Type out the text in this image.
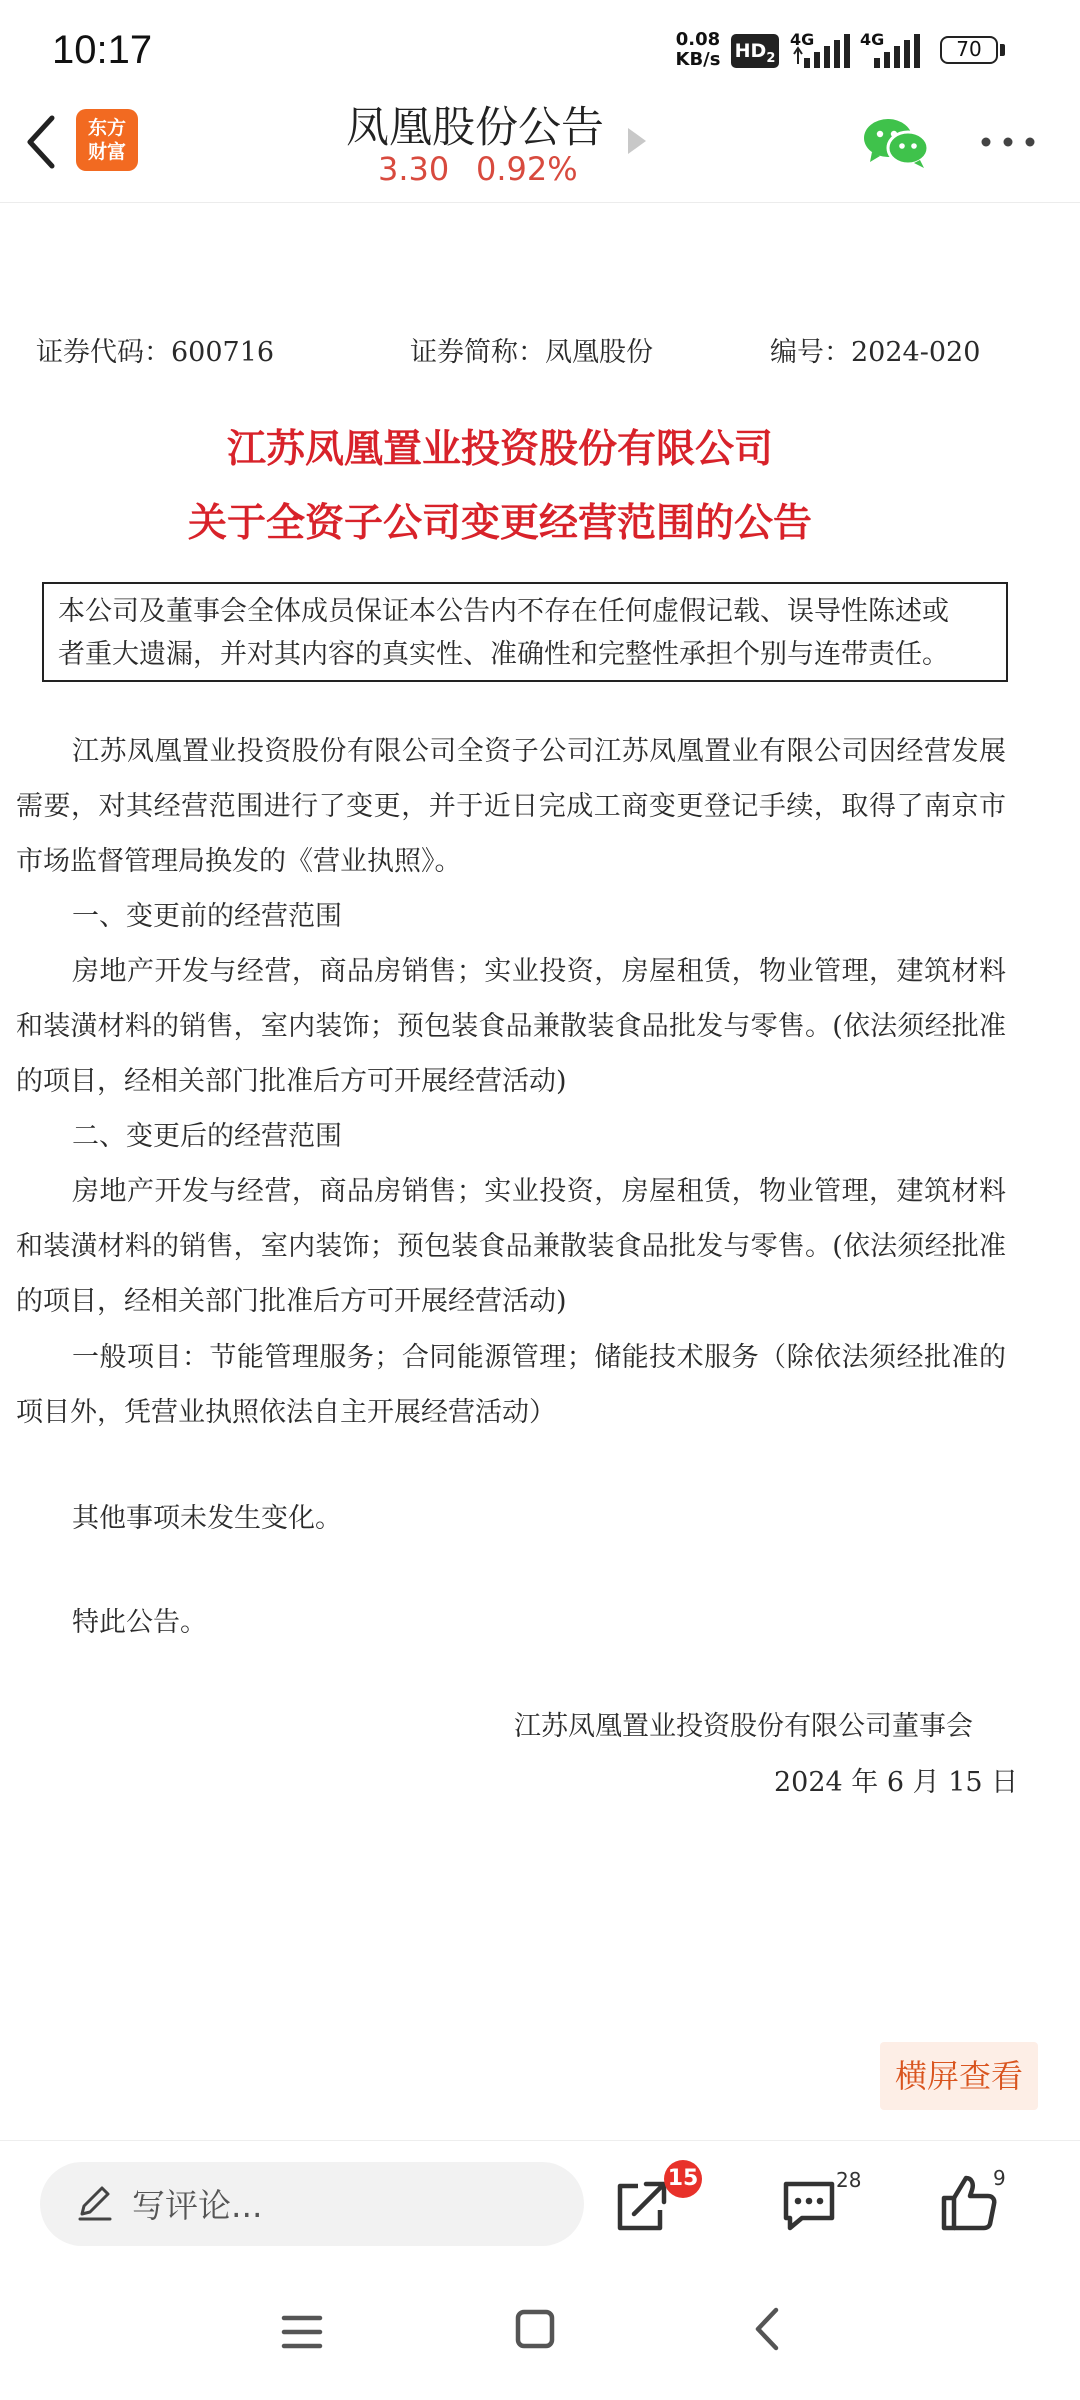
10:17	0.08
KB/s $HD_2$
4G	4G	70
东方
财富	凤凰股份公告
3.30 0.92%
证券代码：600716	证券简称：凤凰股份	编号：2024-020
江苏凤凰置业投资股份有限公司
关于全资子公司变更经营范围的公告
本公司及董事会全体成员保证本公告内不存在任何虚假记载、误导性陈述或
者重大遗漏，并对其内容的真实性、准确性和完整性承担个别与连带责任。
江苏凤凰置业投资股份有限公司全资子公司江苏凤凰置业有限公司因经营发展需要，对其经营范围进行了变更，并于近日完成工商变更登记手续，取得了南京市市场监督管理局换发的《营业执照》。
一、变更前的经营范围
房地产开发与经营，商品房销售；实业投资，房屋租赁，物业管理，建筑材料和装潢材料的销售，室内装饰；预包装食品兼散装食品批发与零售。(依法须经批准的项目，经相关部门批准后方可开展经营活动)
二、变更后的经营范围
房地产开发与经营，商品房销售；实业投资，房屋租赁，物业管理，建筑材料和装潢材料的销售，室内装饰；预包装食品兼散装食品批发与零售。(依法须经批准的项目，经相关部门批准后方可开展经营活动)
一般项目：节能管理服务；合同能源管理；储能技术服务（除依法须经批准的项目外，凭营业执照依法自主开展经营活动）
其他事项未发生变化。
特此公告。
江苏凤凰置业投资股份有限公司董事会
2024 年 6 月 15 日
横屏查看
写评论...
15	28	9
